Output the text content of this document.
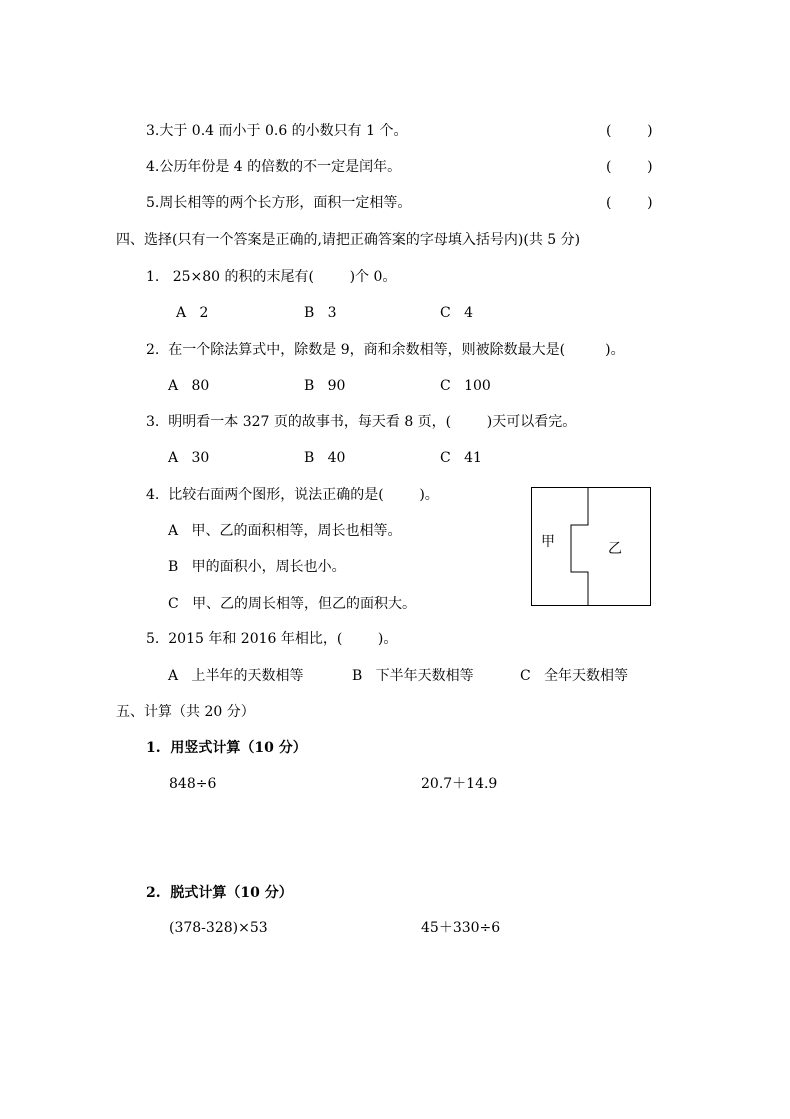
3.大于 0.4 而小于 0.6 的小数只有 1 个。	(        )
4.公历年份是 4 的倍数的不一定是闰年。	(        )
5.周长相等的两个长方形，面积一定相等。	(        )
四、选择(只有一个答案是正确的,请把正确答案的字母填入括号内)(共 5 分)
1.   25×80 的积的末尾有(        )个 0。
A   2	B   3	C   4
2.  在一个除法算式中，除数是 9，商和余数相等，则被除数最大是(         )。
A   80	B   90	C   100
3.  明明看一本 327 页的故事书，每天看 8 页，(        )天可以看完。
A   30	B   40	C   41
4.  比较右面两个图形，说法正确的是(        )。
A   甲、乙的面积相等，周长也相等。
B   甲的面积小，周长也小。
C   甲、乙的周长相等，但乙的面积大。
甲	乙
5.  2015 年和 2016 年相比，(        )。
A   上半年的天数相等	B   下半年天数相等	C   全年天数相等
五、计算（共 20 分）
1.  用竖式计算（10 分）
848÷6	20.7＋14.9
2.  脱式计算（10 分）
(378-328)×53	45＋330÷6
